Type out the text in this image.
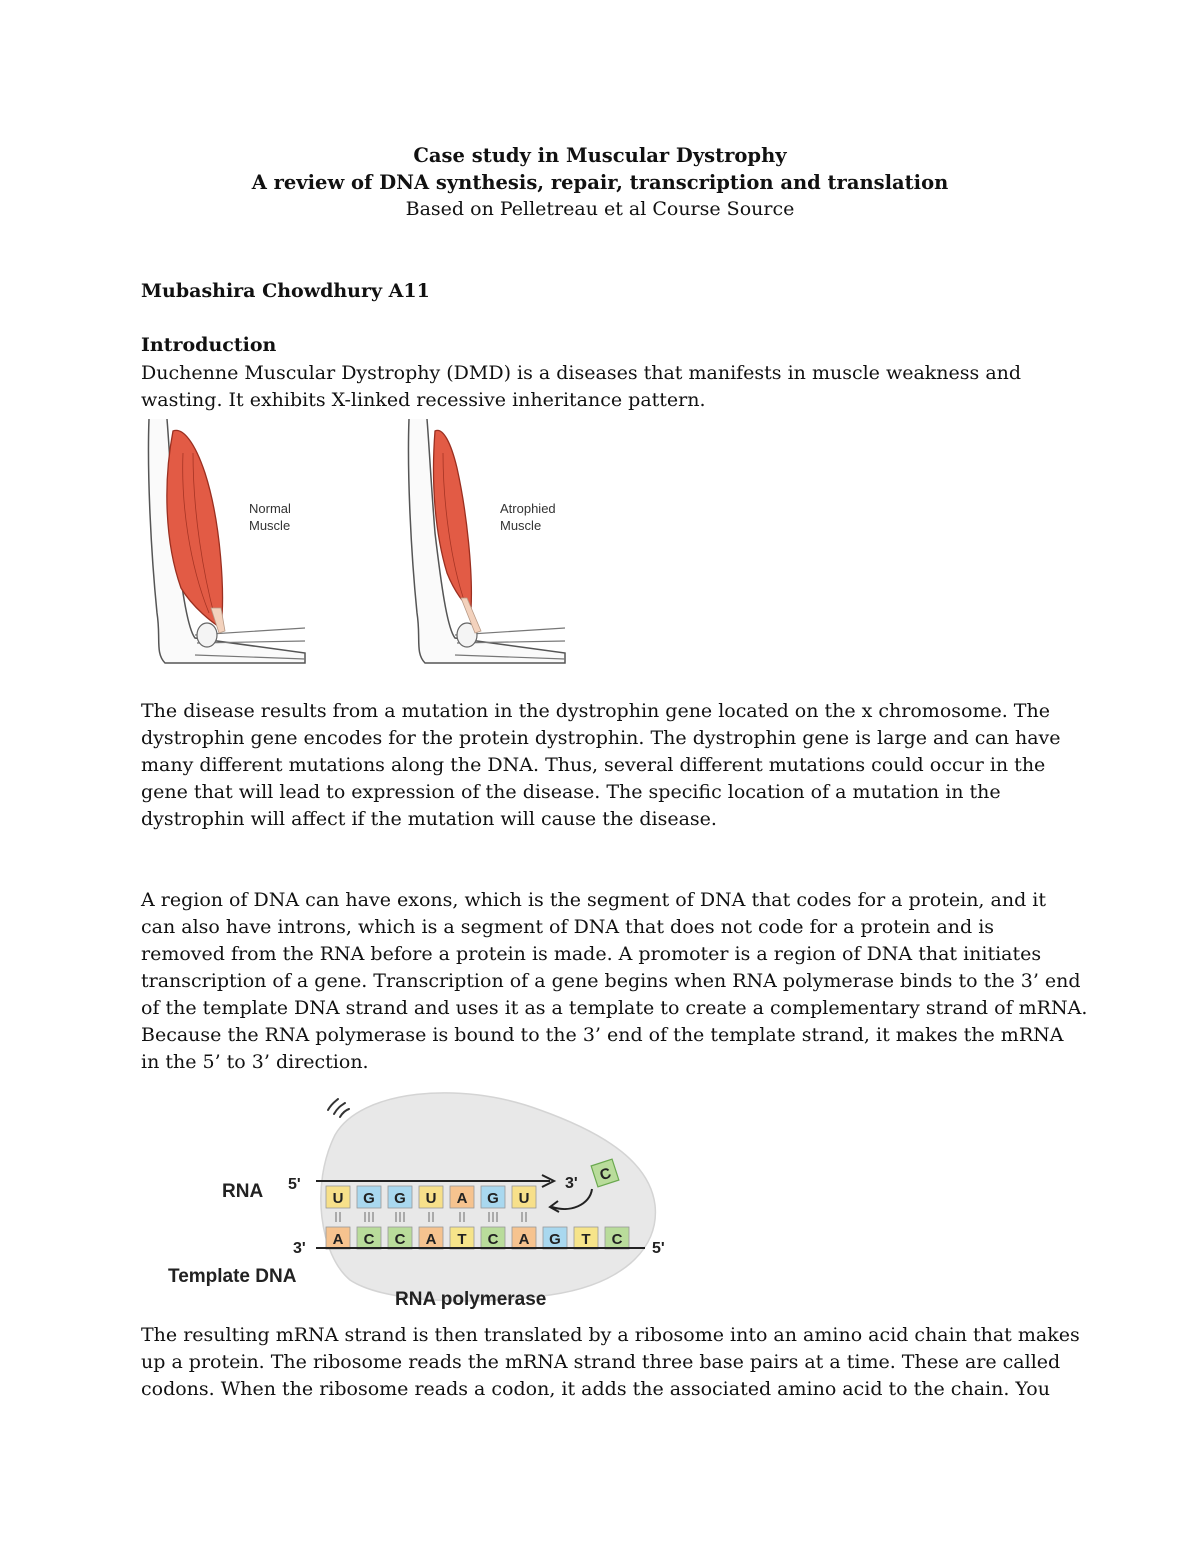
Case study in Muscular Dystrophy
A review of DNA synthesis, repair, transcription and translation
Based on Pelletreau et al Course Source
Mubashira Chowdhury A11
Introduction
Duchenne Muscular Dystrophy (DMD) is a diseases that manifests in muscle weakness and
wasting. It exhibits X-linked recessive inheritance pattern.
Normal
Muscle
Atrophied
Muscle
The disease results from a mutation in the dystrophin gene located on the x chromosome. The
dystrophin gene encodes for the protein dystrophin. The dystrophin gene is large and can have
many different mutations along the DNA. Thus, several different mutations could occur in the
gene that will lead to expression of the disease. The specific location of a mutation in the
dystrophin will affect if the mutation will cause the disease.
A region of DNA can have exons, which is the segment of DNA that codes for a protein, and it
can also have introns, which is a segment of DNA that does not code for a protein and is
removed from the RNA before a protein is made. A promoter is a region of DNA that initiates
transcription of a gene. Transcription of a gene begins when RNA polymerase binds to the 3’ end
of the template DNA strand and uses it as a template to create a complementary strand of mRNA.
Because the RNA polymerase is bound to the 3’ end of the template strand, it makes the mRNA
in the 5’ to 3’ direction.
RNA 5'	3' C
U G G U A G U
A C C A T C A G T C
3'	5'
Template DNA
RNA polymerase
The resulting mRNA strand is then translated by a ribosome into an amino acid chain that makes
up a protein. The ribosome reads the mRNA strand three base pairs at a time. These are called
codons. When the ribosome reads a codon, it adds the associated amino acid to the chain. You
